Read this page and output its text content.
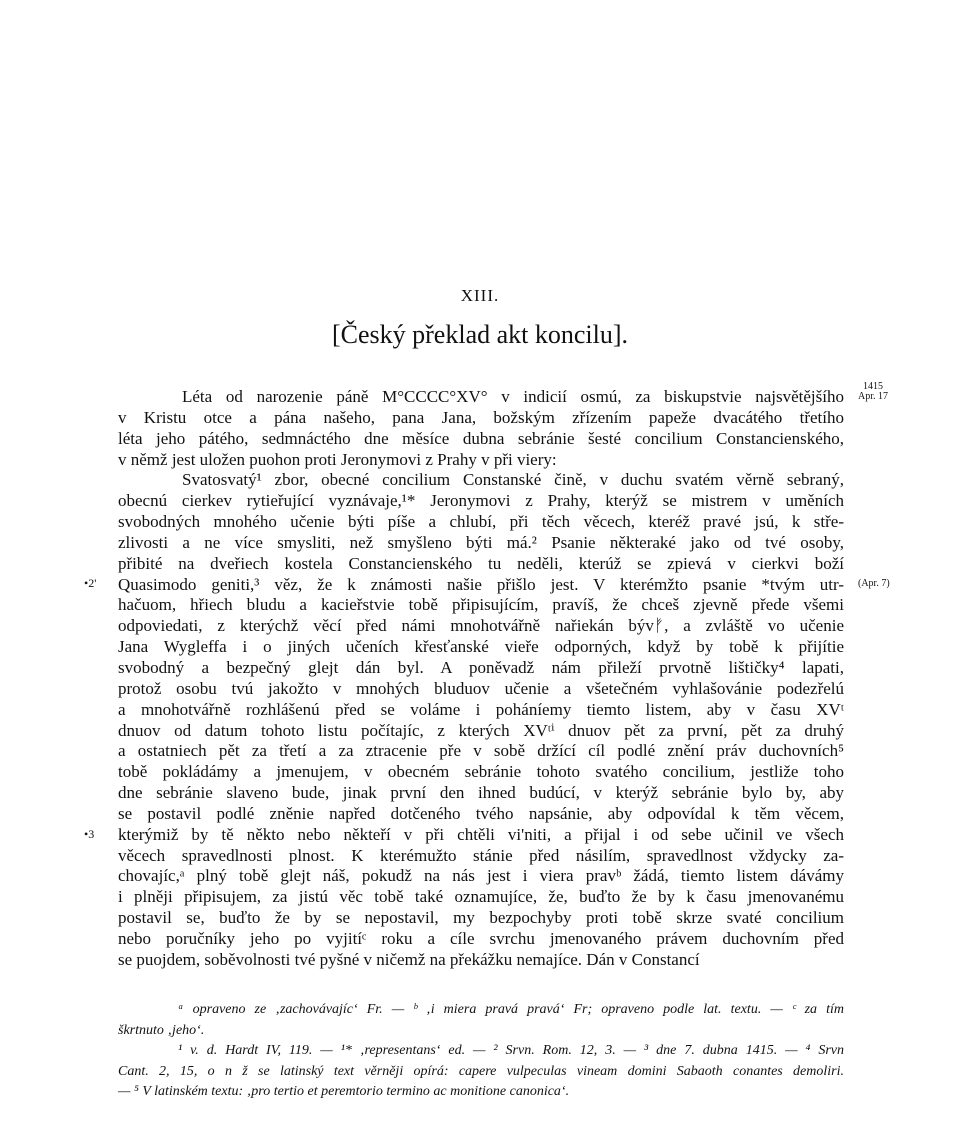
XIII.
[Český překlad akt koncilu].
1415
Apr. 17
(Apr. 7)
•2'
•3
Léta od narozenie páně M°CCCC°XV° v indicií osmú, za biskupstvie najsvětějšího
v Kristu otce a pána našeho, pana Jana, božským zřízením papeže dvacátého třetího
léta jeho pátého, sedmnáctého dne měsíce dubna sebránie šesté concilium Constancienského,
v němž jest uložen puohon proti Jeronymovi z Prahy v při viery:
Svatosvatý¹ zbor, obecné concilium Constanské čině, v duchu svatém věrně sebraný,
obecnú cierkev rytieřující vyznávaje,¹* Jeronymovi z Prahy, kterýž se mistrem v uměních
svobodných mnohého učenie býti píše a chlubí, při těch věcech, kteréž pravé jsú, k stře-
zlivosti a ne více smysliti, než smyšleno býti má.² Psanie některaké jako od tvé osoby,
přibité na dveřiech kostela Constancienského tu neděli, kterúž se zpievá v cierkvi boží
Quasimodo geniti,³ věz, že k známosti našie přišlo jest. V kterémžto psanie *tvým utr-
hačuom, hřiech bludu a kacieřstvie tobě připisujícím, pravíš, že chceš zjevně přede všemi
odpoviedati, z kterýchž věcí před námi mnohotvářně nařiekán bývᚠ, a zvláště vo učenie
Jana Wygleffa i o jiných učeních křesťanské vieře odporných, když by tobě k přijítie
svobodný a bezpečný glejt dán byl. A poněvadž nám přileží prvotně lištičky⁴ lapati,
protož osobu tvú jakožto v mnohých bluduov učenie a všetečném vyhlašovánie podezřelú
a mnohotvářně rozhlášenú před se voláme i poháníemy tiemto listem, aby v času XVᵗ
dnuov od datum tohoto listu počítajíc, z kterých XVᵗⁱ dnuov pět za první, pět za druhý
a ostatniech pět za třetí a za ztracenie pře v sobě držící cíl podlé znění práv duchovních⁵
tobě pokládámy a jmenujem, v obecném sebránie tohoto svatého concilium, jestliže toho
dne sebránie slaveno bude, jinak první den ihned budúcí, v kterýž sebránie bylo by, aby
se postavil podlé zněnie napřed dotčeného tvého napsánie, aby odpovídal k těm věcem,
kterýmiž by tě někto nebo někteří v při chtěli vi'niti, a přijal i od sebe učinil ve všech
věcech spravedlnosti plnost. K kterémužto stánie před násilím, spravedlnost vždycky za-
chovajíc,ᵃ plný tobě glejt náš, pokudž na nás jest i viera pravᵇ žádá, tiemto listem dávámy
i plněji připisujem, za jistú věc tobě také oznamujíce, že, buďto že by k času jmenovanému
postavil se, buďto že by se nepostavil, my bezpochyby proti tobě skrze svaté concilium
nebo poručníky jeho po vyjitíᶜ roku a cíle svrchu jmenovaného právem duchovním před
se puojdem, soběvolnosti tvé pyšné v ničemž na překážku nemajíce. Dán v Constancí
ᵃ opraveno ze ‚zachovávajíc‘ Fr. — ᵇ ‚i miera pravá pravá‘ Fr; opraveno podle lat. textu. — ᶜ za tím
škrtnuto ‚jeho‘.
¹ v. d. Hardt IV, 119. — ¹* ‚representans‘ ed. — ² Srvn. Rom. 12, 3. — ³ dne 7. dubna 1415. — ⁴ Srvn
Cant. 2, 15, o n ž se latinský text věrněji opírá: capere vulpeculas vineam domini Sabaoth conantes demoliri.
— ⁵ V latinském textu: ‚pro tertio et peremtorio termino ac monitione canonica‘.
